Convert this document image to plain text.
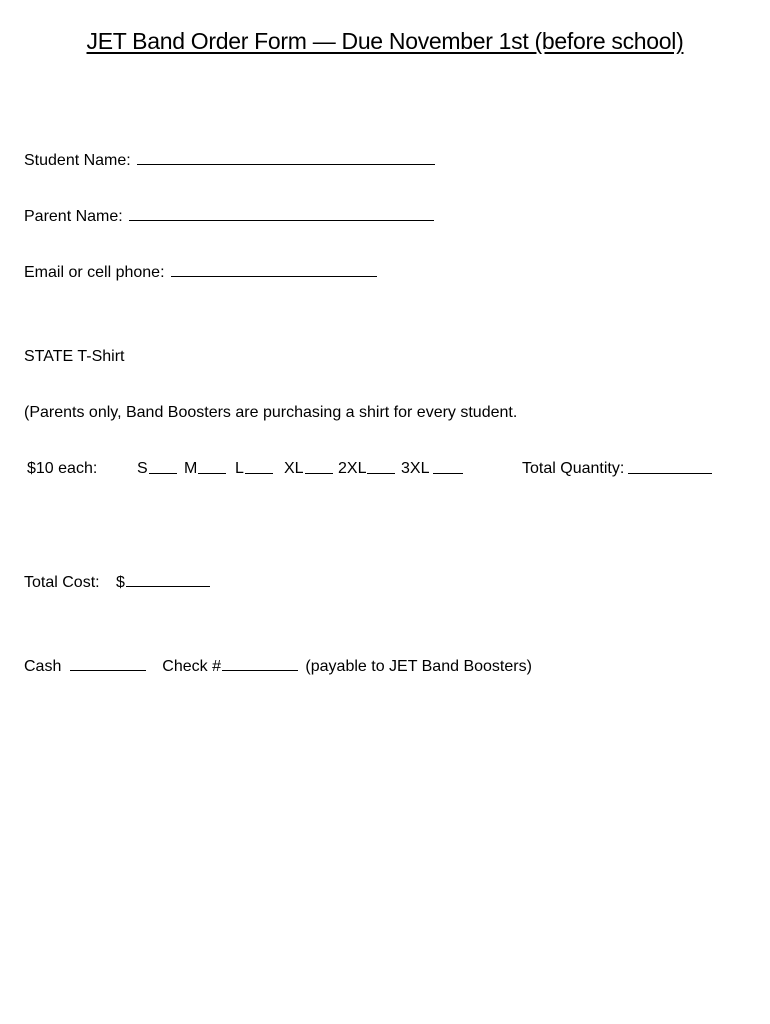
JET Band Order Form — Due November 1st (before school)
Student Name:
Parent Name:
Email or cell phone:
STATE T-Shirt
(Parents only, Band Boosters are purchasing a shirt for every student.
$10 each: S M L	XL 2XL 3XL	Total Quantity:
Total Cost: $
Cash	Check #	(payable to JET Band Boosters)
